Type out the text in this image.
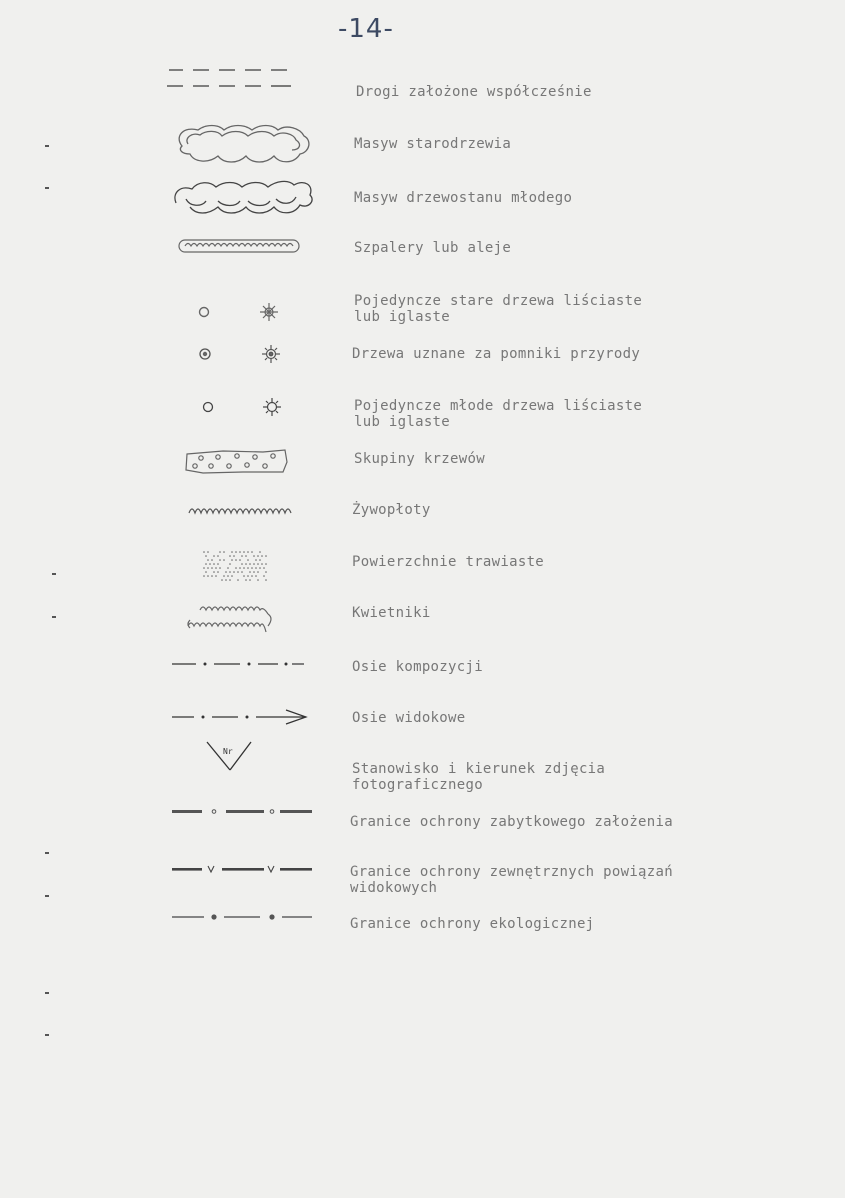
-14-
Nr
Drogi założone współcześnie
Masyw starodrzewia
Masyw drzewostanu młodego
Szpalery lub aleje
Pojedyncze stare drzewa liściaste
lub iglaste
Drzewa uznane za pomniki przyrody
Pojedyncze młode drzewa liściaste
lub iglaste
Skupiny krzewów
Żywopłoty
Powierzchnie trawiaste
Kwietniki
Osie kompozycji
Osie widokowe
Stanowisko i kierunek zdjęcia
fotograficznego
Granice ochrony zabytkowego założenia
Granice ochrony zewnętrznych powiązań
widokowych
Granice ochrony ekologicznej
